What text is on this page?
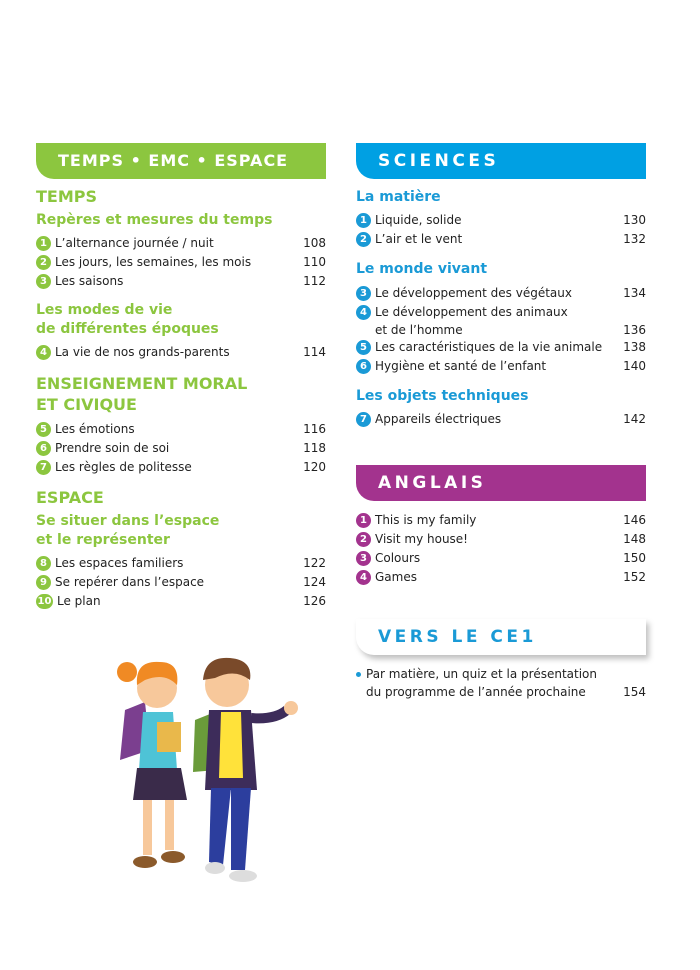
TEMPS • EMC • ESPACE
TEMPS
Repères et mesures du temps
1 L’alternance journée / nuit	108
2 Les jours, les semaines, les mois	110
3 Les saisons	112
Les modes de vie
de différentes époques
4 La vie de nos grands-parents	114
ENSEIGNEMENT MORAL
ET CIVIQUE
5 Les émotions	116
6 Prendre soin de soi	118
7 Les règles de politesse	120
ESPACE
Se situer dans l’espace
et le représenter
8 Les espaces familiers	122
9 Se repérer dans l’espace	124
10 Le plan	126
SCIENCES
La matière
1 Liquide, solide	130
2 L’air et le vent	132
Le monde vivant
3 Le développement des végétaux	134
4 Le développement des animaux
et de l’homme	136
5 Les caractéristiques de la vie animale 138
6 Hygiène et santé de l’enfant	140
Les objets techniques
7 Appareils électriques	142
ANGLAIS
1 This is my family	146
2 Visit my house!	148
3 Colours	150
4 Games	152
VERS LE CE1
Par matière, un quiz et la présentation
du programme de l’année prochaine	154
